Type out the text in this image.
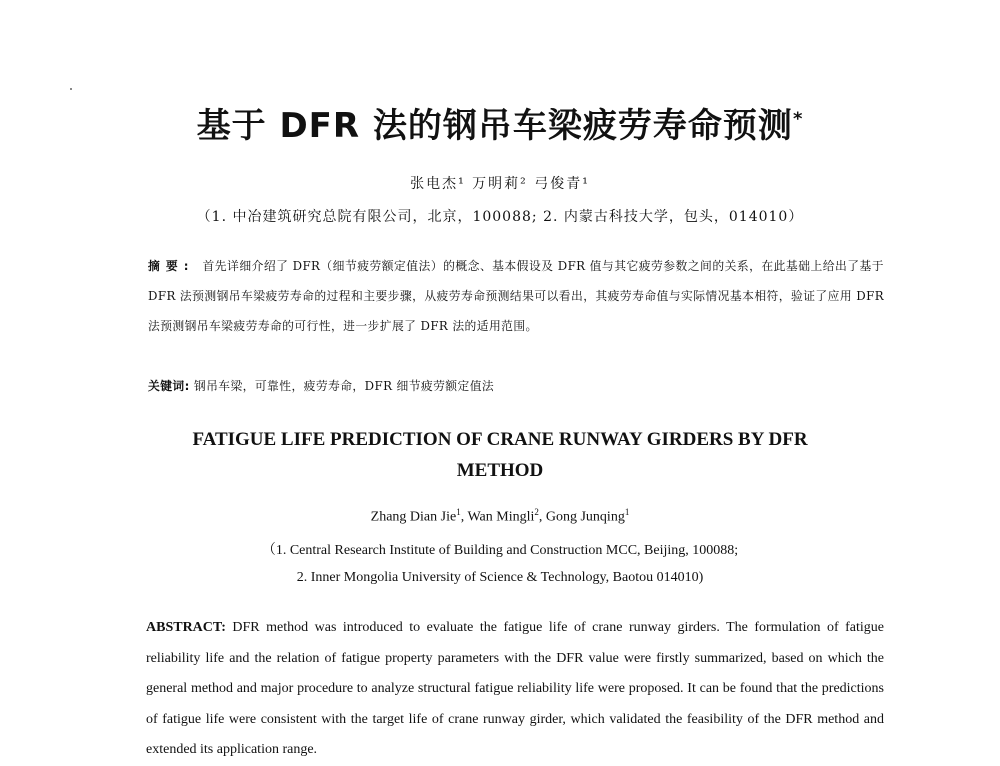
基于 DFR 法的钢吊车梁疲劳寿命预测*
张电杰¹ 万明莉² 弓俊青¹
（1. 中冶建筑研究总院有限公司，北京，100088; 2. 内蒙古科技大学，包头，014010）
摘要: 首先详细介绍了 DFR（细节疲劳额定值法）的概念、基本假设及 DFR 值与其它疲劳参数之间的关系，在此基础上给出了基于 DFR 法预测钢吊车梁疲劳寿命的过程和主要步骤，从疲劳寿命预测结果可以看出，其疲劳寿命值与实际情况基本相符，验证了应用 DFR 法预测钢吊车梁疲劳寿命的可行性，进一步扩展了 DFR 法的适用范围。
关键词: 钢吊车梁，可靠性，疲劳寿命，DFR 细节疲劳额定值法
FATIGUE LIFE PREDICTION OF CRANE RUNWAY GIRDERS BY DFR METHOD
Zhang Dian Jie$^1$, Wan Mingli$^2$, Gong Junqing$^1$
（1. Central Research Institute of Building and Construction MCC, Beijing, 100088;
2. Inner Mongolia University of Science & Technology, Baotou 014010)
ABSTRACT: DFR method was introduced to evaluate the fatigue life of crane runway girders. The formulation of fatigue reliability life and the relation of fatigue property parameters with the DFR value were firstly summarized, based on which the general method and major procedure to analyze structural fatigue reliability life were proposed. It can be found that the predictions of fatigue life were consistent with the target life of crane runway girder, which validated the feasibility of the DFR method and extended its application range.
